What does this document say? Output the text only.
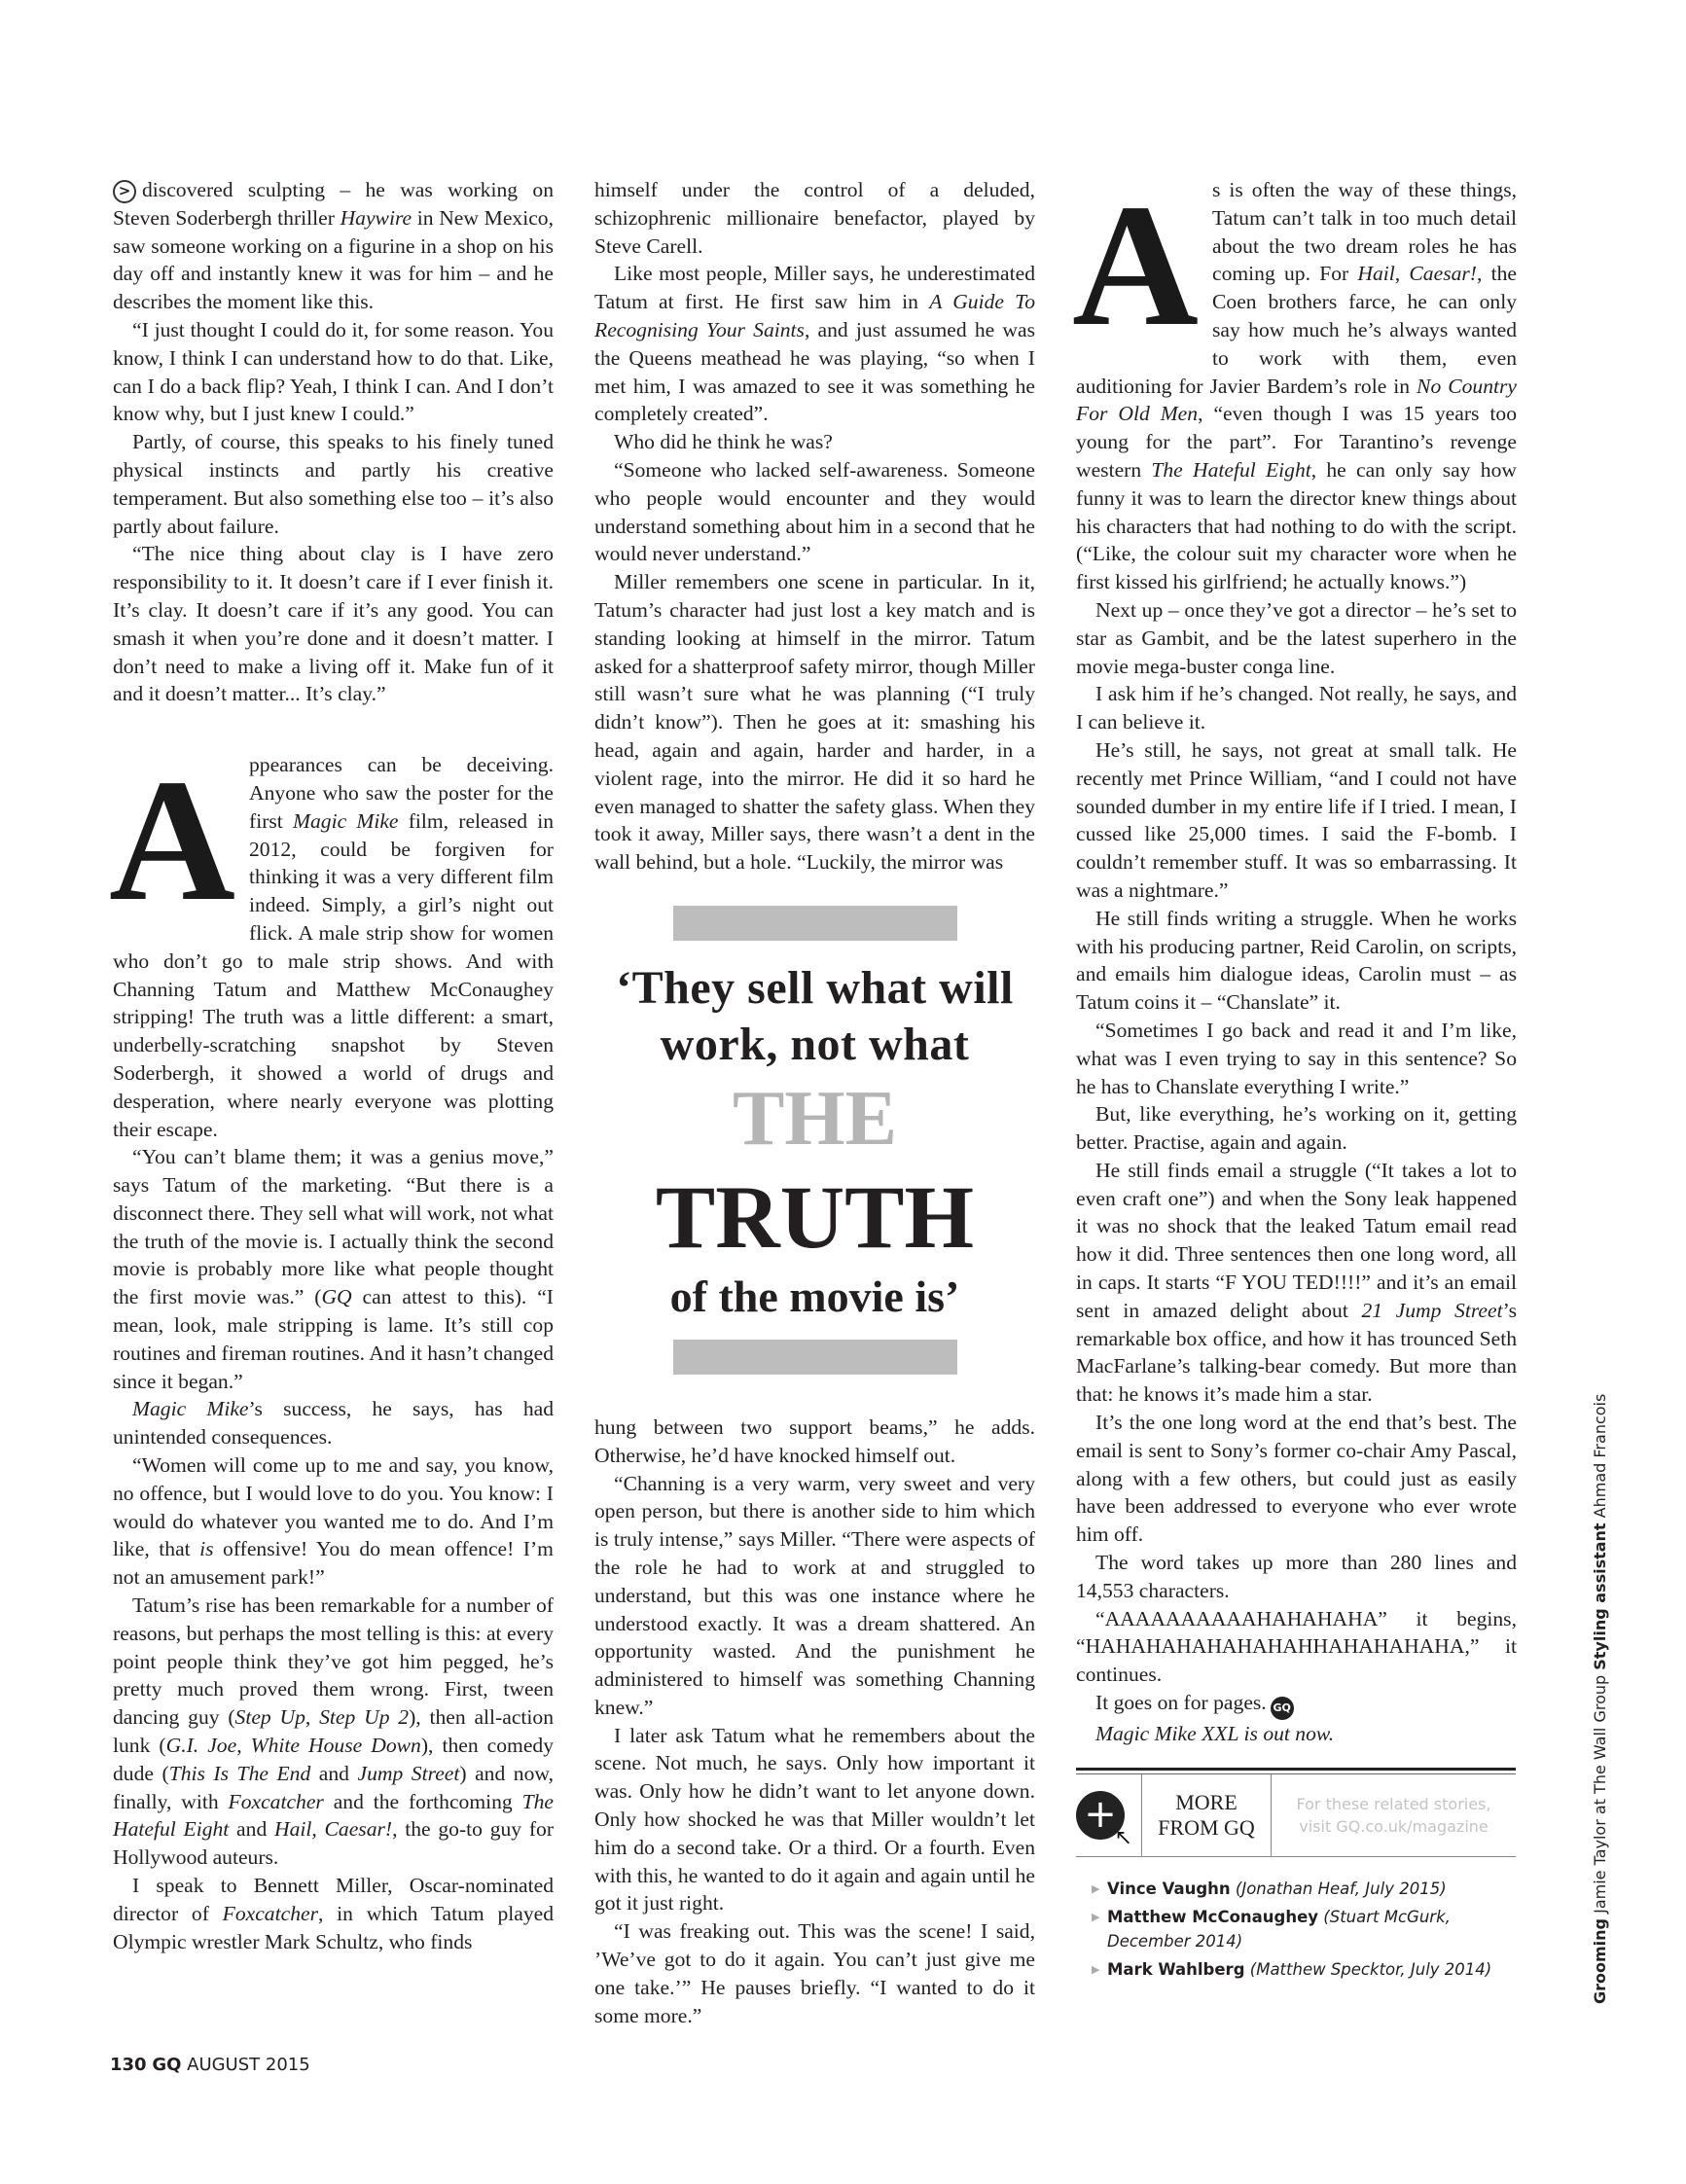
> discovered sculpting – he was working on Steven Soderbergh thriller Haywire in New Mexico, saw someone working on a figurine in a shop on his day off and instantly knew it was for him – and he describes the moment like this.

“I just thought I could do it, for some reason. You know, I think I can understand how to do that. Like, can I do a back flip? Yeah, I think I can. And I don’t know why, but I just knew I could.”

Partly, of course, this speaks to his finely tuned physical instincts and partly his creative temperament. But also something else too – it’s also partly about failure.

“The nice thing about clay is I have zero responsibility to it. It doesn’t care if I ever finish it. It’s clay. It doesn’t care if it’s any good. You can smash it when you’re done and it doesn’t matter. I don’t need to make a living off it. Make fun of it and it doesn’t matter... It’s clay.”

Appearances can be deceiving. Anyone who saw the poster for the first Magic Mike film, released in 2012, could be forgiven for thinking it was a very different film indeed. Simply, a girl’s night out flick. A male strip show for women who don’t go to male strip shows. And with Channing Tatum and Matthew McConaughey stripping! The truth was a little different: a smart, underbelly-scratching snapshot by Steven Soderbergh, it showed a world of drugs and desperation, where nearly everyone was plotting their escape.

“You can’t blame them; it was a genius move,” says Tatum of the marketing. “But there is a disconnect there. They sell what will work, not what the truth of the movie is. I actually think the second movie is probably more like what people thought the first movie was.” (GQ can attest to this). “I mean, look, male stripping is lame. It’s still cop routines and fireman routines. And it hasn’t changed since it began.”

Magic Mike’s success, he says, has had unintended consequences.

“Women will come up to me and say, you know, no offence, but I would love to do you. You know: I would do whatever you wanted me to do. And I’m like, that is offensive! You do mean offence! I’m not an amusement park!”

Tatum’s rise has been remarkable for a number of reasons, but perhaps the most telling is this: at every point people think they’ve got him pegged, he’s pretty much proved them wrong. First, tween dancing guy (Step Up, Step Up 2), then all-action lunk (G.I. Joe, White House Down), then comedy dude (This Is The End and Jump Street) and now, finally, with Foxcatcher and the forthcoming The Hateful Eight and Hail, Caesar!, the go-to guy for Hollywood auteurs.

I speak to Bennett Miller, Oscar-nominated director of Foxcatcher, in which Tatum played Olympic wrestler Mark Schultz, who finds

himself under the control of a deluded, schizophrenic millionaire benefactor, played by Steve Carell.

Like most people, Miller says, he underestimated Tatum at first. He first saw him in A Guide To Recognising Your Saints, and just assumed he was the Queens meathead he was playing, “so when I met him, I was amazed to see it was something he completely created”.

Who did he think he was?

“Someone who lacked self-awareness. Someone who people would encounter and they would understand something about him in a second that he would never understand.”

Miller remembers one scene in particular. In it, Tatum’s character had just lost a key match and is standing looking at himself in the mirror. Tatum asked for a shatterproof safety mirror, though Miller still wasn’t sure what he was planning (“I truly didn’t know”). Then he goes at it: smashing his head, again and again, harder and harder, in a violent rage, into the mirror. He did it so hard he even managed to shatter the safety glass. When they took it away, Miller says, there wasn’t a dent in the wall behind, but a hole. “Luckily, the mirror was

‘They sell what will work, not what
THE
TRUTH
of the movie is’

hung between two support beams,” he adds. Otherwise, he’d have knocked himself out.

“Channing is a very warm, very sweet and very open person, but there is another side to him which is truly intense,” says Miller. “There were aspects of the role he had to work at and struggled to understand, but this was one instance where he understood exactly. It was a dream shattered. An opportunity wasted. And the punishment he administered to himself was something Channing knew.”

I later ask Tatum what he remembers about the scene. Not much, he says. Only how important it was. Only how he didn’t want to let anyone down. Only how shocked he was that Miller wouldn’t let him do a second take. Or a third. Or a fourth. Even with this, he wanted to do it again and again until he got it just right.

“I was freaking out. This was the scene! I said, ’We’ve got to do it again. You can’t just give me one take.’” He pauses briefly. “I wanted to do it some more.”

As is often the way of these things, Tatum can’t talk in too much detail about the two dream roles he has coming up. For Hail, Caesar!, the Coen brothers farce, he can only say how much he’s always wanted to work with them, even auditioning for Javier Bardem’s role in No Country For Old Men, “even though I was 15 years too young for the part”. For Tarantino’s revenge western The Hateful Eight, he can only say how funny it was to learn the director knew things about his characters that had nothing to do with the script. (“Like, the colour suit my character wore when he first kissed his girlfriend; he actually knows.”)

Next up – once they’ve got a director – he’s set to star as Gambit, and be the latest superhero in the movie mega-buster conga line.

I ask him if he’s changed. Not really, he says, and I can believe it.

He’s still, he says, not great at small talk. He recently met Prince William, “and I could not have sounded dumber in my entire life if I tried. I mean, I cussed like 25,000 times. I said the F-bomb. I couldn’t remember stuff. It was so embarrassing. It was a nightmare.”

He still finds writing a struggle. When he works with his producing partner, Reid Carolin, on scripts, and emails him dialogue ideas, Carolin must – as Tatum coins it – “Chanslate” it.

“Sometimes I go back and read it and I’m like, what was I even trying to say in this sentence? So he has to Chanslate everything I write.”

But, like everything, he’s working on it, getting better. Practise, again and again.

He still finds email a struggle (“It takes a lot to even craft one”) and when the Sony leak happened it was no shock that the leaked Tatum email read how it did. Three sentences then one long word, all in caps. It starts “F YOU TED!!!!” and it’s an email sent in amazed delight about 21 Jump Street’s remarkable box office, and how it has trounced Seth MacFarlane’s talking-bear comedy. But more than that: he knows it’s made him a star.

It’s the one long word at the end that’s best. The email is sent to Sony’s former co-chair Amy Pascal, along with a few others, but could just as easily have been addressed to everyone who ever wrote him off.

The word takes up more than 280 lines and 14,553 characters.

“AAAAAAAAAAHAHAHAHA” it begins, “HAHAHAHAHAHAHAHHAHAHAHAHA,” it continues.

It goes on for pages. GQ

Magic Mike XXL is out now.

+
↖
MORE
FROM GQ
For these related stories,
visit GQ.co.uk/magazine
▶ Vince Vaughn (Jonathan Heaf, July 2015)
▶ Matthew McConaughey (Stuart McGurk, December 2014)
▶ Mark Wahlberg (Matthew Specktor, July 2014)
130 GQ AUGUST 2015
Grooming Jamie Taylor at The Wall Group Styling assistant Ahmad Francois
